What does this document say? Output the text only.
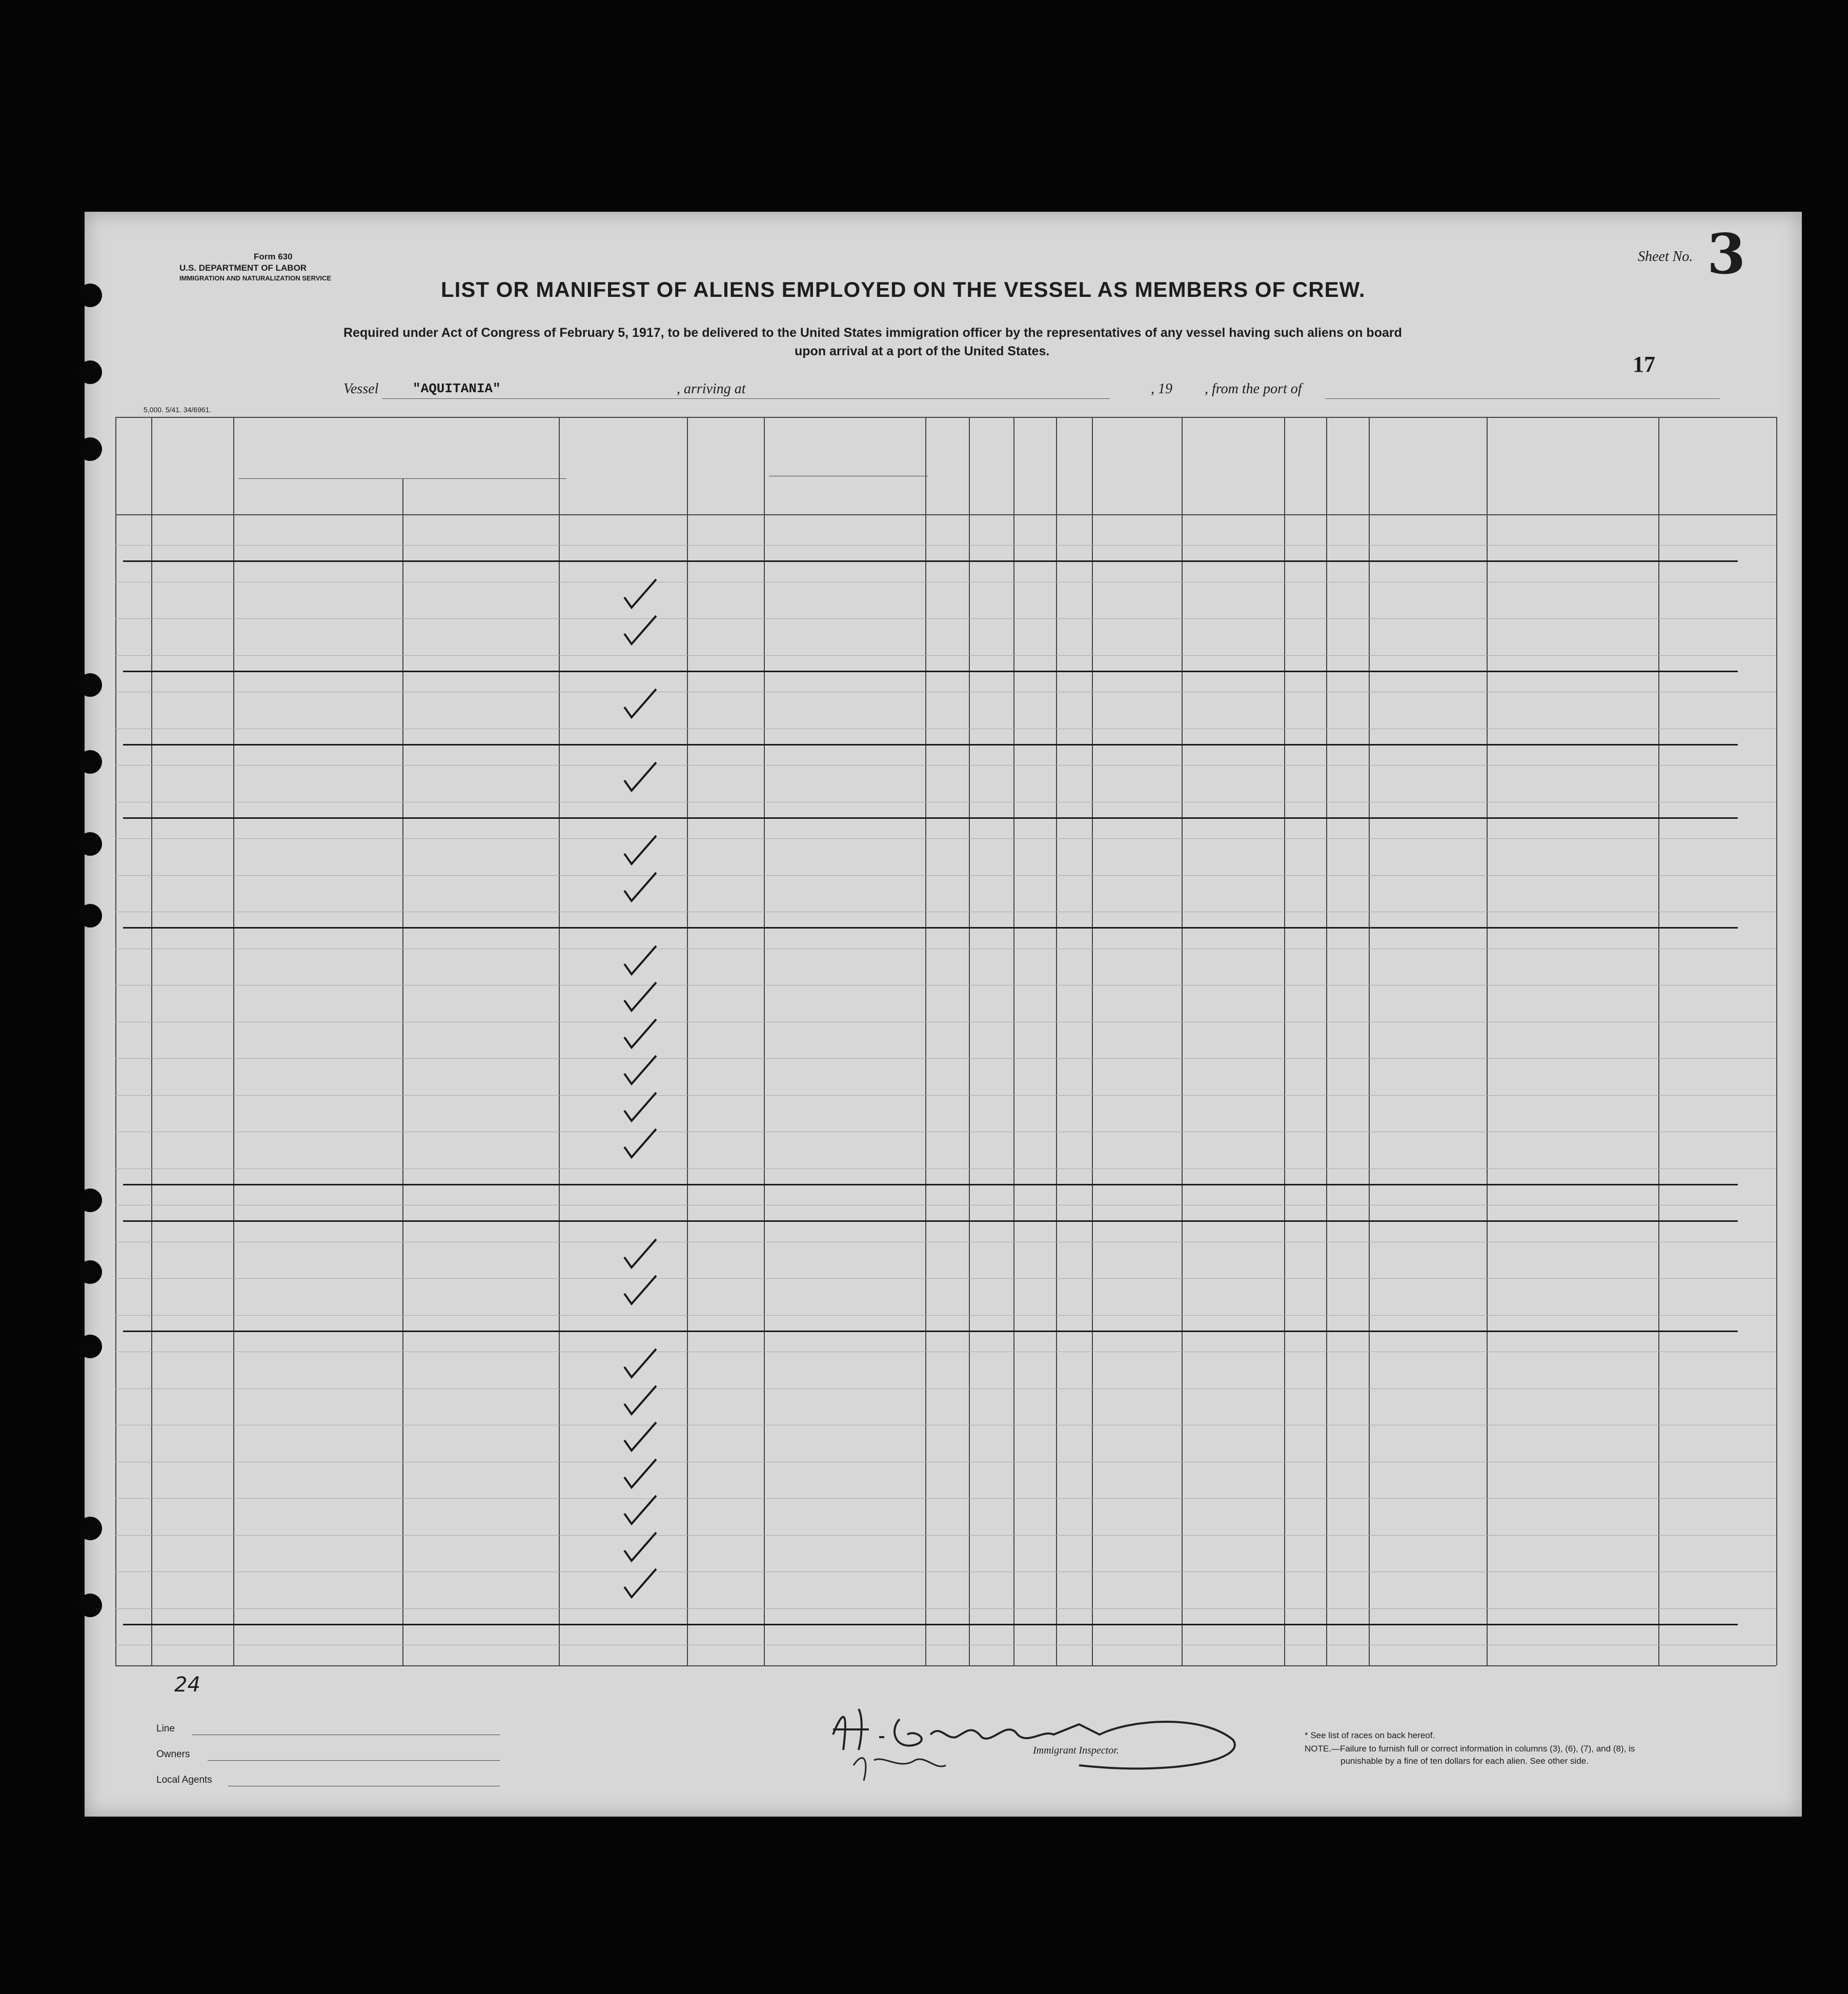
Form 630
U.S. DEPARTMENT OF LABOR
IMMIGRATION AND NATURALIZATION SERVICE
5,000. 5/41. 34/6961.
Sheet No. 3
17
LIST OR MANIFEST OF ALIENS EMPLOYED ON THE VESSEL AS MEMBERS OF CREW.
Required under Act of Congress of February 5, 1917, to be delivered to the United States immigration officer by the representatives of any vessel having such aliens on board
upon arrival at a port of the United States.
Vessel	"AQUITANIA"	, arriving at	, 19 , from the port of
24
Line
Owners
Local Agents
Immigrant Inspector.
* See list of races on back hereof.
NOTE.—Failure to furnish full or correct information in columns (3), (6), (7), and (8), is
punishable by a fine of ten dollars for each alien. See other side.
